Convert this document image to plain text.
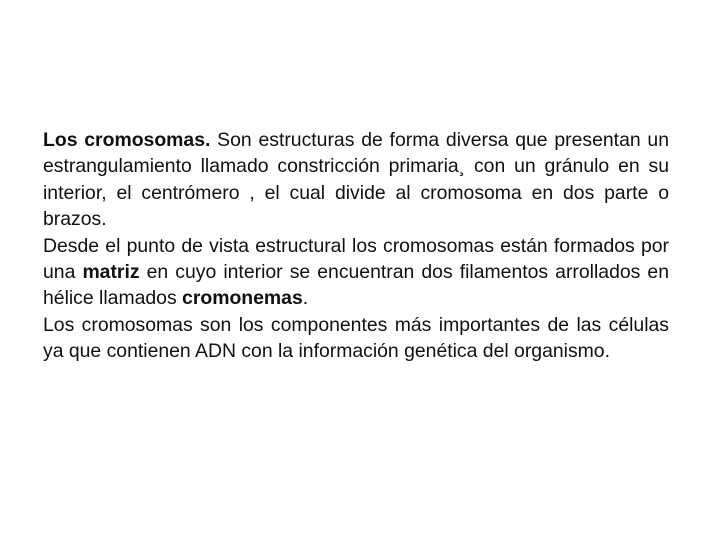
Los cromosomas. Son estructuras de forma diversa que presentan un estrangulamiento llamado constricción primaria¸ con un gránulo en su interior, el centrómero , el cual divide al cromosoma en dos parte o brazos.

Desde el punto de vista estructural los cromosomas están formados por una matriz en cuyo interior se encuentran dos filamentos arrollados en hélice llamados cromonemas.

Los cromosomas son los componentes más importantes de las células ya que contienen ADN con la información genética del organismo.
